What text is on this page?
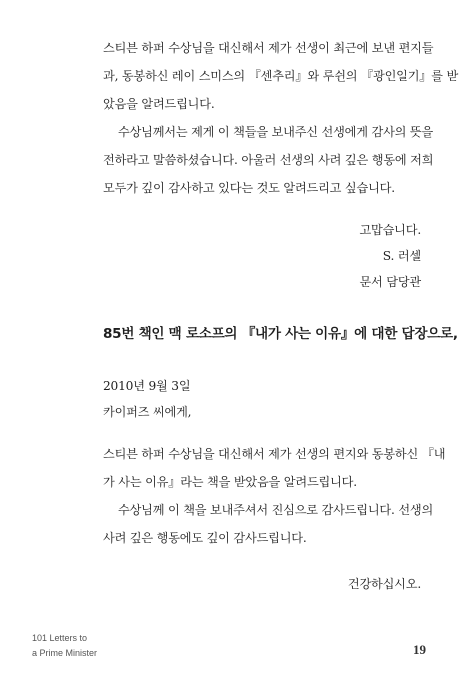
스티븐 하퍼 수상님을 대신해서 제가 선생이 최근에 보낸 편지들
과, 동봉하신 레이 스미스의 『센추리』와 루쉰의 『광인일기』를 받
았음을 알려드립니다.
수상님께서는 제게 이 책들을 보내주신 선생에게 감사의 뜻을
전하라고 말씀하셨습니다. 아울러 선생의 사려 깊은 행동에 저희
모두가 깊이 감사하고 있다는 것도 알려드리고 싶습니다.
고맙습니다.
S. 러셀
문서 담당관
85번 책인 맥 로소프의 『내가 사는 이유』에 대한 답장으로,
2010년 9월 3일
카이퍼즈 씨에게,
스티븐 하퍼 수상님을 대신해서 제가 선생의 편지와 동봉하신 『내
가 사는 이유』라는 책을 받았음을 알려드립니다.
수상님께 이 책을 보내주셔서 진심으로 감사드립니다. 선생의
사려 깊은 행동에도 깊이 감사드립니다.
건강하십시오.
101 Letters to
a Prime Minister	19
